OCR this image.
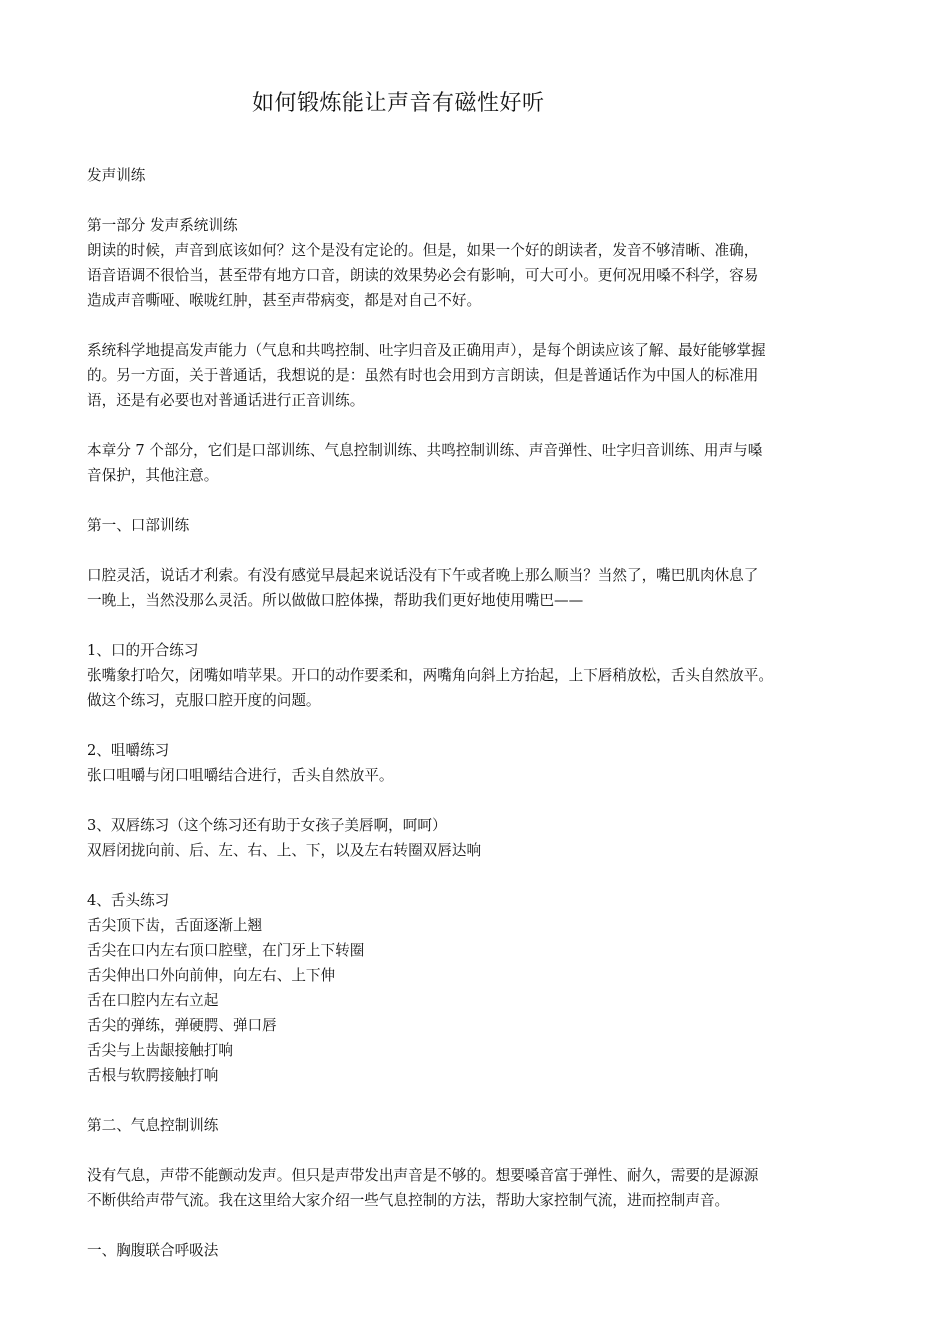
如何锻炼能让声音有磁性好听
发声训练
第一部分 发声系统训练
朗读的时候，声音到底该如何？这个是没有定论的。但是，如果一个好的朗读者，发音不够清晰、准确，
语音语调不很恰当，甚至带有地方口音，朗读的效果势必会有影响，可大可小。更何况用嗓不科学，容易
造成声音嘶哑、喉咙红肿，甚至声带病变，都是对自己不好。
系统科学地提高发声能力（气息和共鸣控制、吐字归音及正确用声），是每个朗读应该了解、最好能够掌握
的。另一方面，关于普通话，我想说的是：虽然有时也会用到方言朗读，但是普通话作为中国人的标准用
语，还是有必要也对普通话进行正音训练。
本章分 7 个部分，它们是口部训练、气息控制训练、共鸣控制训练、声音弹性、吐字归音训练、用声与嗓
音保护，其他注意。
第一、口部训练
口腔灵活，说话才利索。有没有感觉早晨起来说话没有下午或者晚上那么顺当？当然了，嘴巴肌肉休息了
一晚上，当然没那么灵活。所以做做口腔体操，帮助我们更好地使用嘴巴——
1、口的开合练习
张嘴象打哈欠，闭嘴如啃苹果。开口的动作要柔和，两嘴角向斜上方抬起，上下唇稍放松，舌头自然放平。
做这个练习，克服口腔开度的问题。
2、咀嚼练习
张口咀嚼与闭口咀嚼结合进行，舌头自然放平。
3、双唇练习（这个练习还有助于女孩子美唇啊，呵呵）
双唇闭拢向前、后、左、右、上、下，以及左右转圈双唇达响
4、舌头练习
舌尖顶下齿，舌面逐渐上翘
舌尖在口内左右顶口腔壁，在门牙上下转圈
舌尖伸出口外向前伸，向左右、上下伸
舌在口腔内左右立起
舌尖的弹练，弹硬腭、弹口唇
舌尖与上齿龈接触打响
舌根与软腭接触打响
第二、气息控制训练
没有气息，声带不能颤动发声。但只是声带发出声音是不够的。想要嗓音富于弹性、耐久，需要的是源源
不断供给声带气流。我在这里给大家介绍一些气息控制的方法，帮助大家控制气流，进而控制声音。
一、胸腹联合呼吸法
